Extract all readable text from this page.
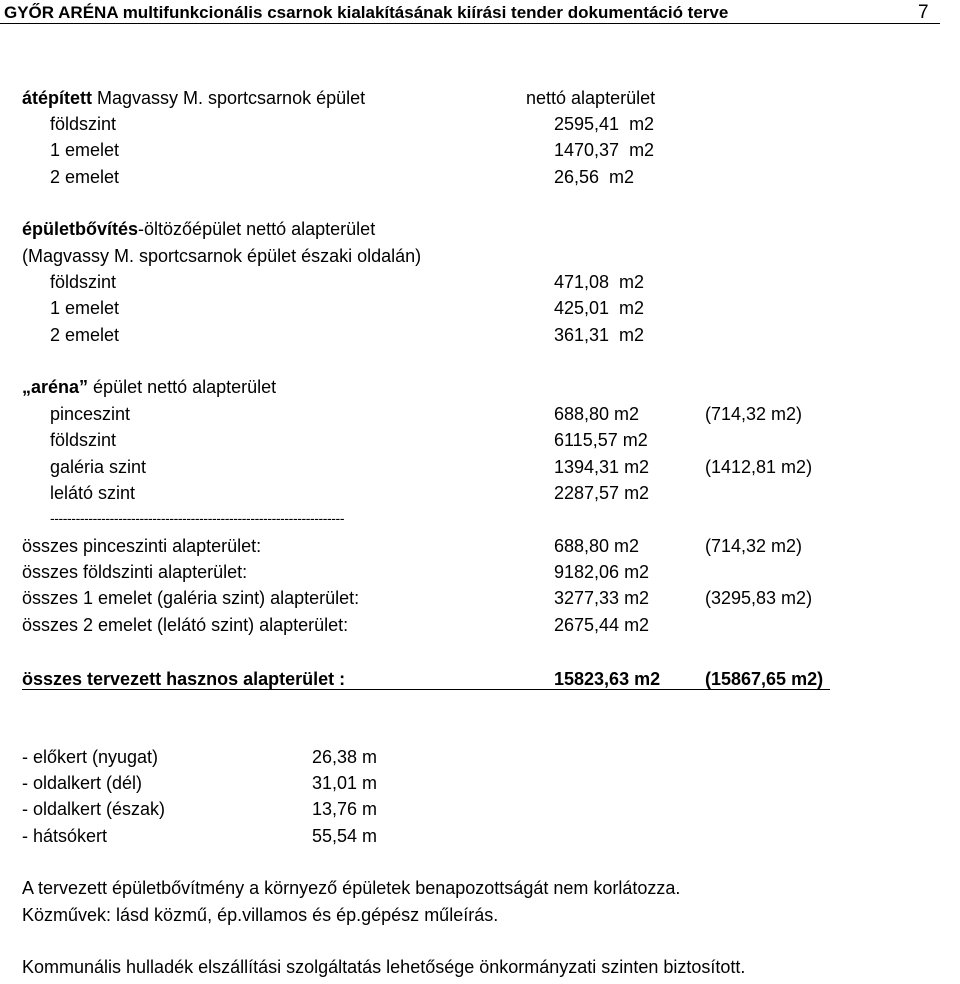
GYŐR ARÉNA multifunkcionális csarnok kialakításának kiírási tender dokumentáció terve	7
átépített Magvassy M. sportcsarnok épület	nettó alapterület
földszint	2595,41  m2
1 emelet	1470,37  m2
2 emelet	26,56  m2
épületbővítés-öltözőépület nettó alapterület
(Magvassy M. sportcsarnok épület északi oldalán)
földszint	471,08  m2
1 emelet	425,01  m2
2 emelet	361,31  m2
„aréna” épület nettó alapterület
pinceszint	688,80 m2	(714,32 m2)
földszint	6115,57 m2
galéria szint	1394,31 m2	(1412,81 m2)
lelátó szint	2287,57 m2
---------------------------------------------------------------------
összes pinceszinti alapterület:	688,80 m2	(714,32 m2)
összes földszinti alapterület:	9182,06 m2
összes 1 emelet (galéria szint) alapterület:	3277,33 m2	(3295,83 m2)
összes 2 emelet (lelátó szint) alapterület:	2675,44 m2
összes tervezett hasznos alapterület :	15823,63 m2 (15867,65 m2)
- előkert (nyugat)	26,38 m
- oldalkert (dél)	31,01 m
- oldalkert (észak)	13,76 m
- hátsókert	55,54 m
A tervezett épületbővítmény a környező épületek benapozottságát nem korlátozza.
Közművek: lásd közmű, ép.villamos és ép.gépész műleírás.
Kommunális hulladék elszállítási szolgáltatás lehetősége önkormányzati szinten biztosított.
